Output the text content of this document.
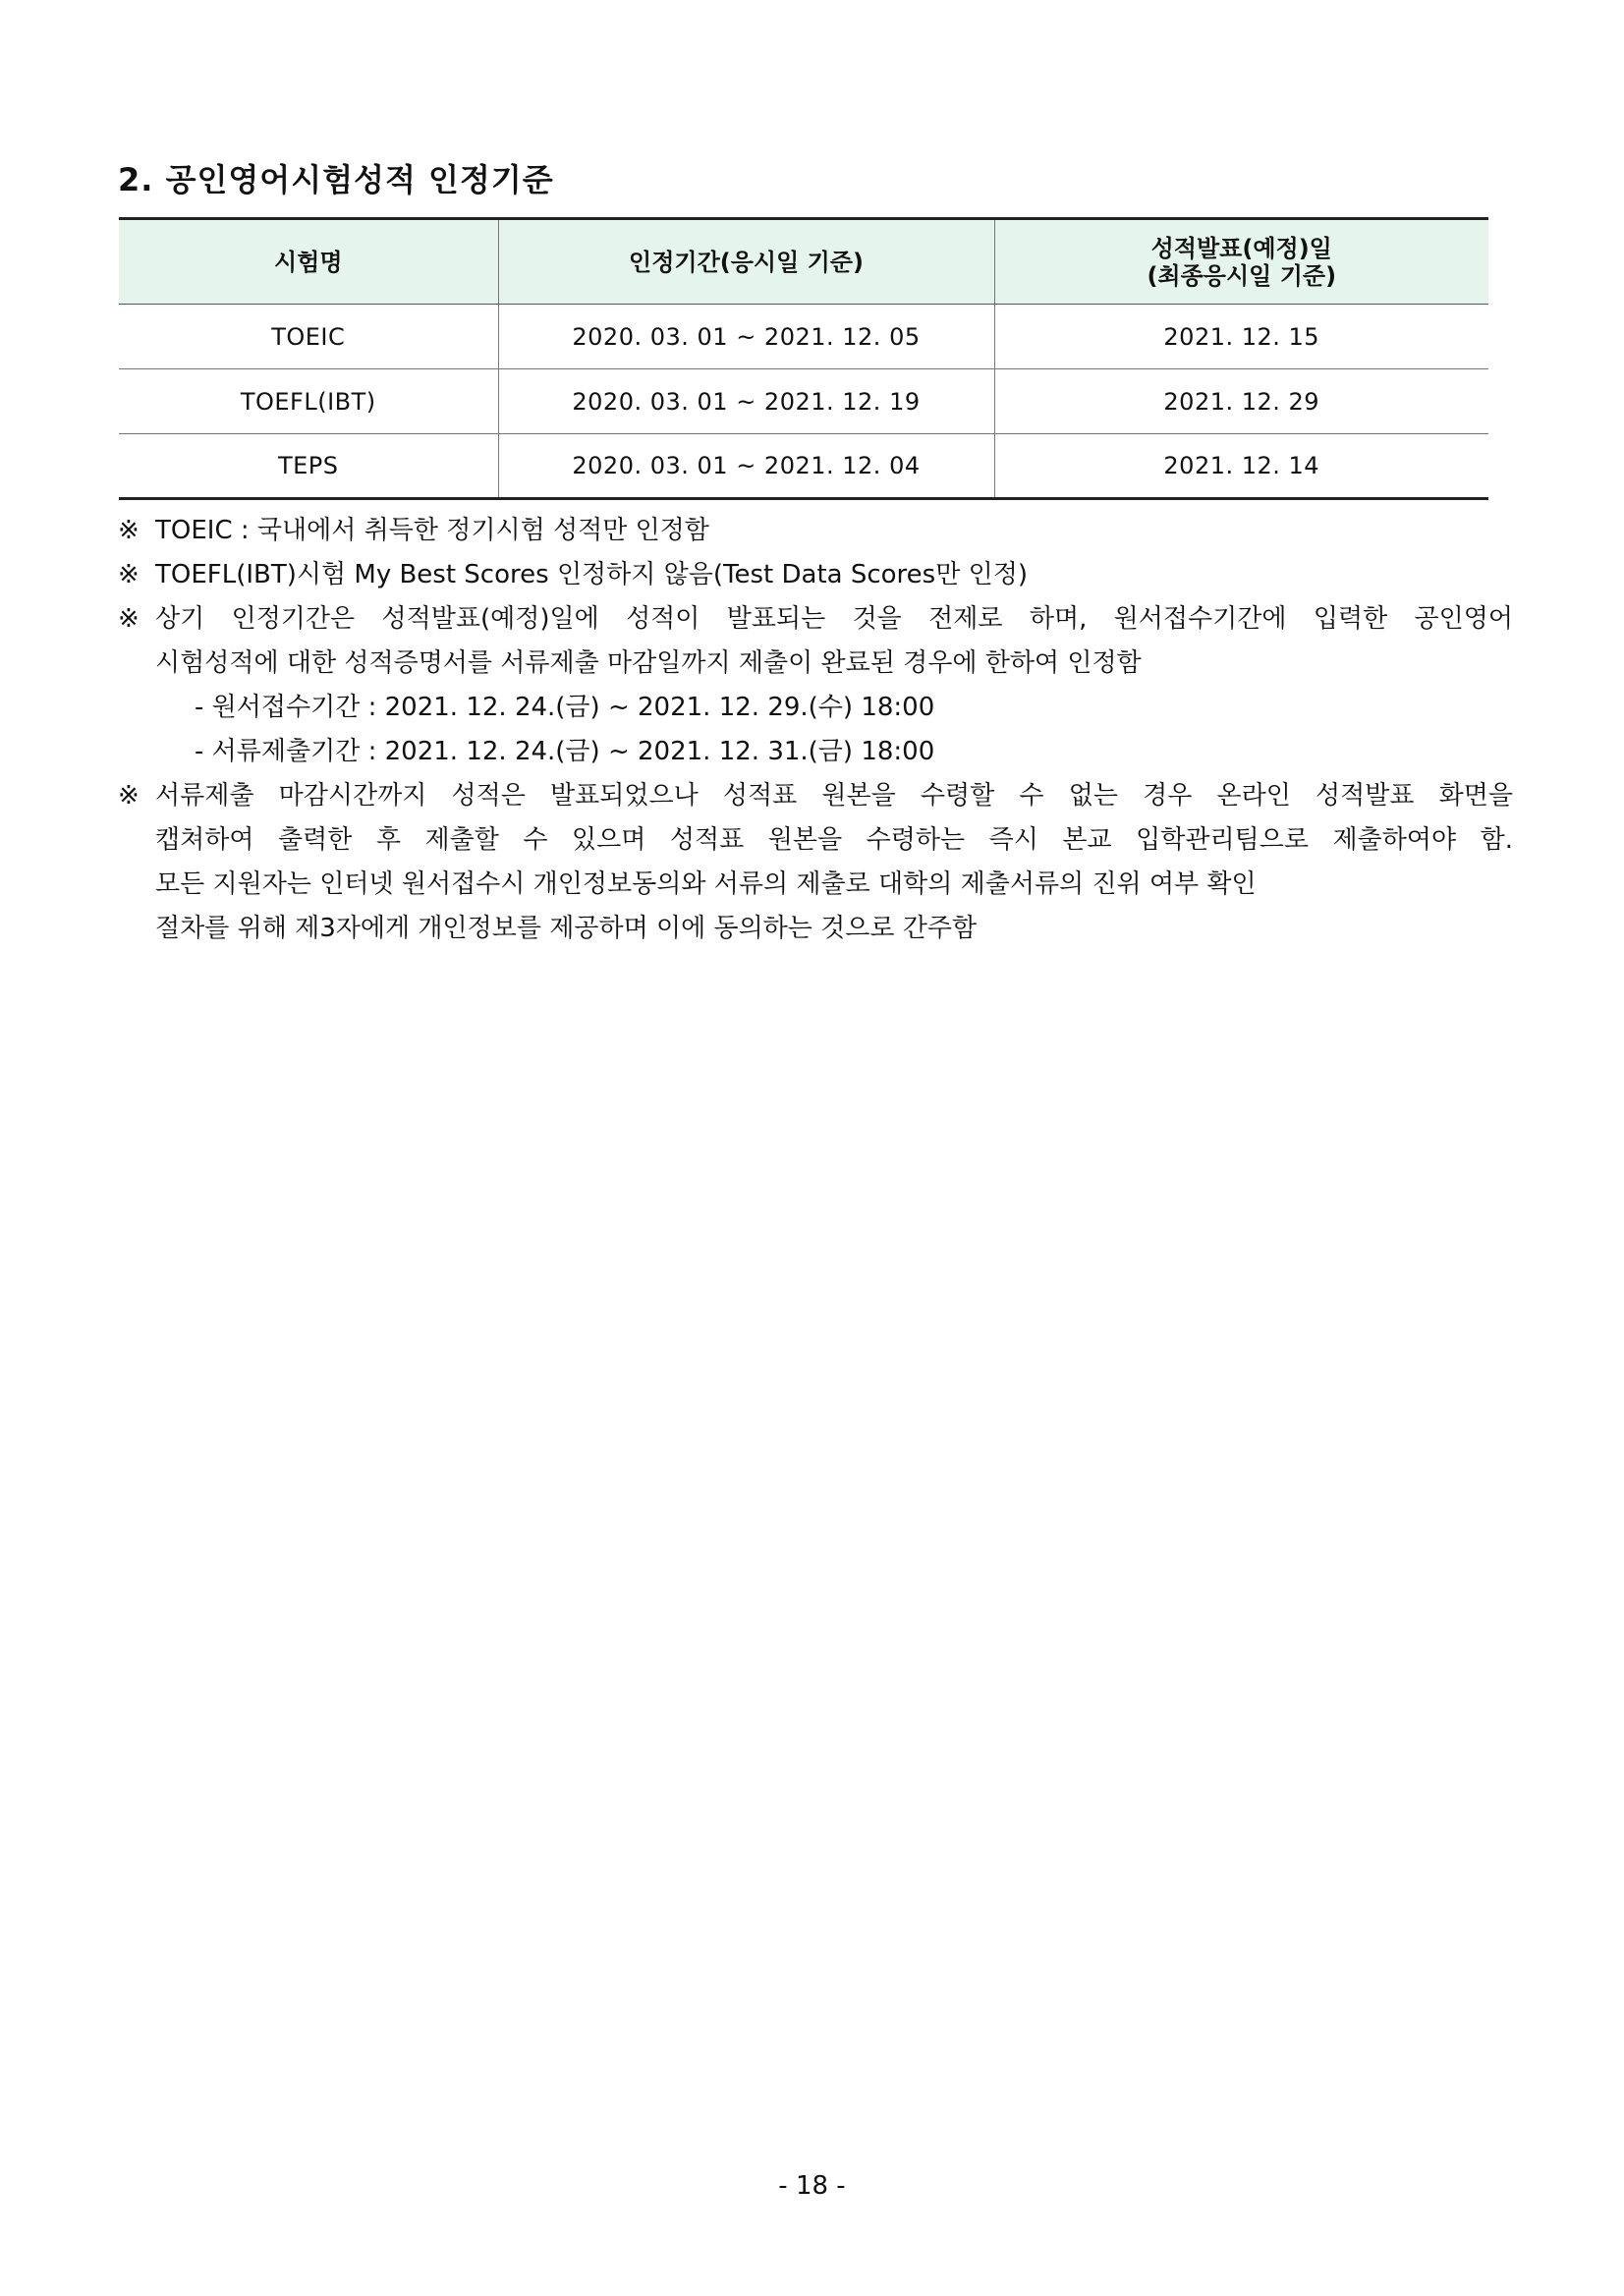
2. 공인영어시험성적 인정기준
시험명	인정기간(응시일 기준)	성적발표(예정)일
(최종응시일 기준)

TOEIC	2020. 03. 01 ~ 2021. 12. 05	2021. 12. 15
TOEFL(IBT)	2020. 03. 01 ~ 2021. 12. 19	2021. 12. 29
TEPS	2020. 03. 01 ~ 2021. 12. 04	2021. 12. 14
※ TOEIC : 국내에서 취득한 정기시험 성적만 인정함
※ TOEFL(IBT)시험 My Best Scores 인정하지 않음(Test Data Scores만 인정)
※ 상기 인정기간은 성적발표(예정)일에 성적이 발표되는 것을 전제로 하며, 원서접수기간에 입력한 공인영어
시험성적에 대한 성적증명서를 서류제출 마감일까지 제출이 완료된 경우에 한하여 인정함
- 원서접수기간 : 2021. 12. 24.(금) ~ 2021. 12. 29.(수) 18:00
- 서류제출기간 : 2021. 12. 24.(금) ~ 2021. 12. 31.(금) 18:00
※ 서류제출 마감시간까지 성적은 발표되었으나 성적표 원본을 수령할 수 없는 경우 온라인 성적발표 화면을
캡쳐하여 출력한 후 제출할 수 있으며 성적표 원본을 수령하는 즉시 본교 입학관리팀으로 제출하여야 함.
모든 지원자는 인터넷 원서접수시 개인정보동의와 서류의 제출로 대학의 제출서류의 진위 여부 확인
절차를 위해 제3자에게 개인정보를 제공하며 이에 동의하는 것으로 간주함
- 18 -
